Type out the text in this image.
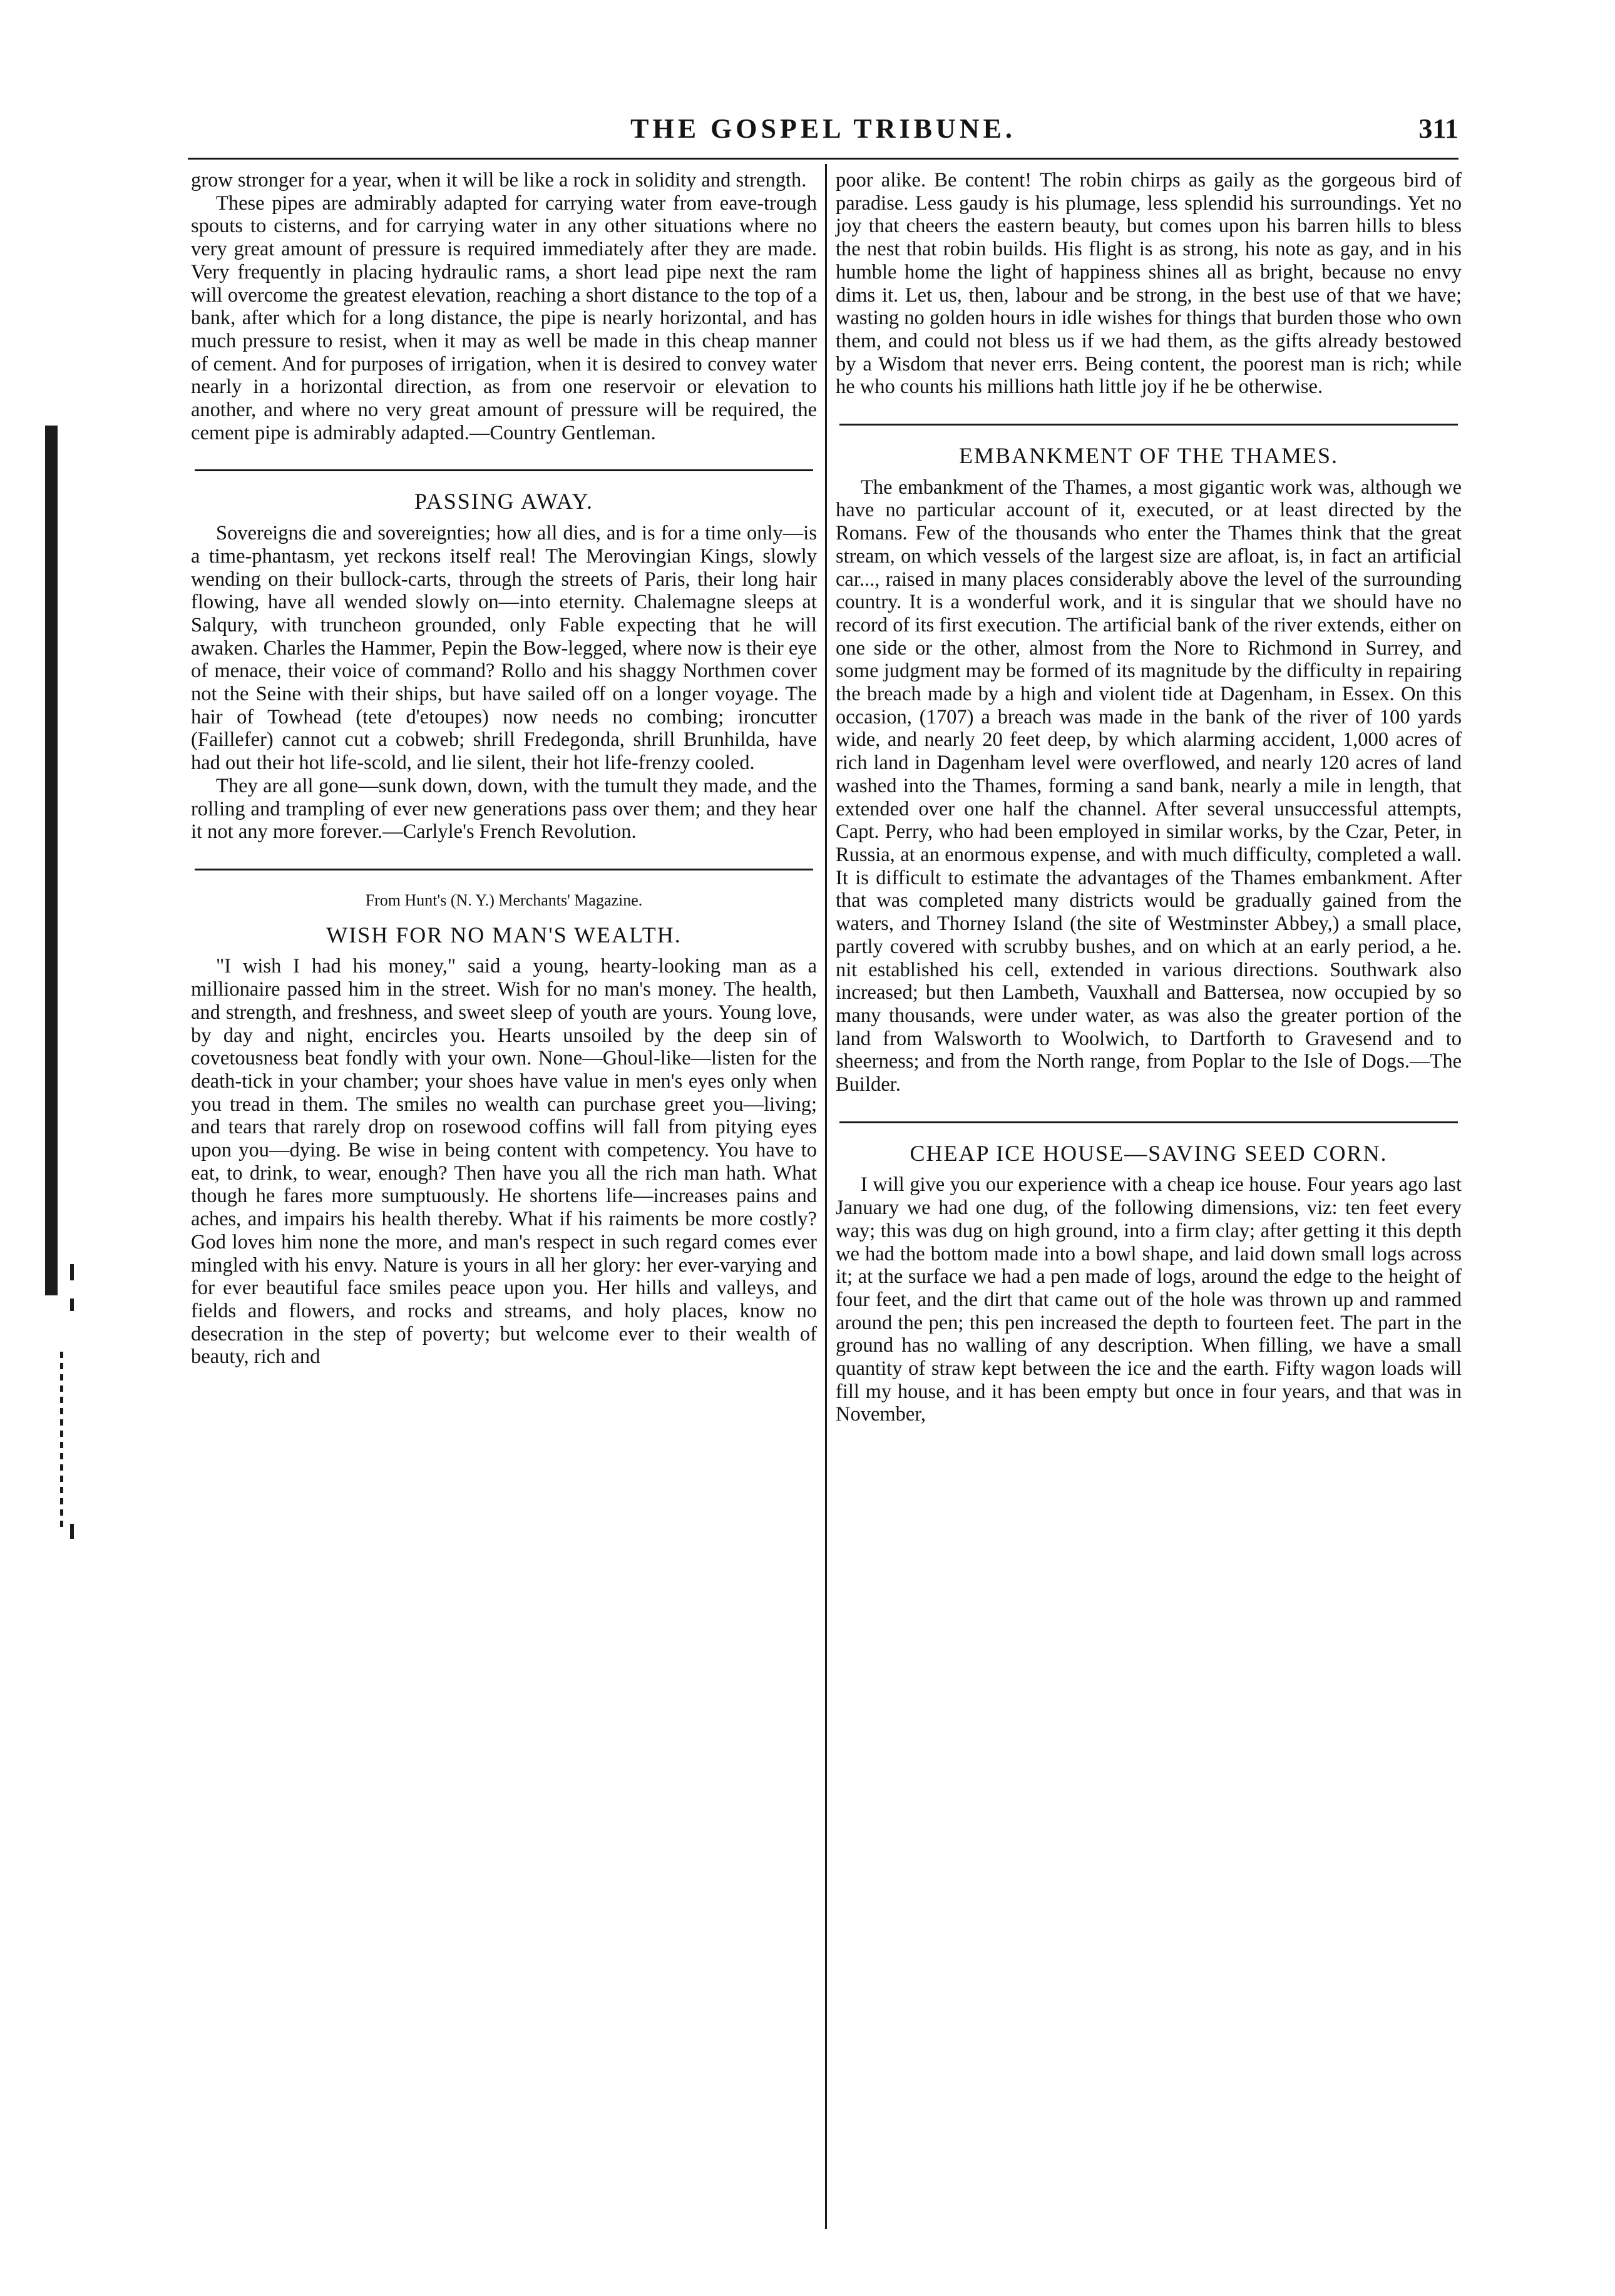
THE GOSPEL TRIBUNE.	311

grow stronger for a year, when it will be like a rock in solidity and strength.

These pipes are admirably adapted for carrying water from eave-trough spouts to cisterns, and for carrying water in any other situations where no very great amount of pressure is required immediately after they are made. Very frequently in placing hydraulic rams, a short lead pipe next the ram will overcome the greatest elevation, reaching a short distance to the top of a bank, after which for a long distance, the pipe is nearly horizontal, and has much pressure to resist, when it may as well be made in this cheap manner of cement. And for purposes of irrigation, when it is desired to convey water nearly in a horizontal direction, as from one reservoir or elevation to another, and where no very great amount of pressure will be required, the cement pipe is admirably adapted.—Country Gentleman.

PASSING AWAY.

Sovereigns die and sovereignties; how all dies, and is for a time only—is a time-phantasm, yet reckons itself real! The Merovingian Kings, slowly wending on their bullock-carts, through the streets of Paris, their long hair flowing, have all wended slowly on—into eternity. Chalemagne sleeps at Salqury, with truncheon grounded, only Fable expecting that he will awaken. Charles the Hammer, Pepin the Bow-legged, where now is their eye of menace, their voice of command? Rollo and his shaggy Northmen cover not the Seine with their ships, but have sailed off on a longer voyage. The hair of Towhead (tete d'etoupes) now needs no combing; ironcutter (Faillefer) cannot cut a cobweb; shrill Fredegonda, shrill Brunhilda, have had out their hot life-scold, and lie silent, their hot life-frenzy cooled.

They are all gone—sunk down, down, with the tumult they made, and the rolling and trampling of ever new generations pass over them; and they hear it not any more forever.—Carlyle's French Revolution.

From Hunt's (N. Y.) Merchants' Magazine.
WISH FOR NO MAN'S WEALTH.

"I wish I had his money," said a young, hearty-looking man as a millionaire passed him in the street. Wish for no man's money. The health, and strength, and freshness, and sweet sleep of youth are yours. Young love, by day and night, encircles you. Hearts unsoiled by the deep sin of covetousness beat fondly with your own. None—Ghoul-like—listen for the death-tick in your chamber; your shoes have value in men's eyes only when you tread in them. The smiles no wealth can purchase greet you—living; and tears that rarely drop on rosewood coffins will fall from pitying eyes upon you—dying. Be wise in being content with competency. You have to eat, to drink, to wear, enough? Then have you all the rich man hath. What though he fares more sumptuously. He shortens life—increases pains and aches, and impairs his health thereby. What if his raiments be more costly? God loves him none the more, and man's respect in such regard comes ever mingled with his envy. Nature is yours in all her glory: her ever-varying and for ever beautiful face smiles peace upon you. Her hills and valleys, and fields and flowers, and rocks and streams, and holy places, know no desecration in the step of poverty; but welcome ever to their wealth of beauty, rich and

poor alike. Be content! The robin chirps as gaily as the gorgeous bird of paradise. Less gaudy is his plumage, less splendid his surroundings. Yet no joy that cheers the eastern beauty, but comes upon his barren hills to bless the nest that robin builds. His flight is as strong, his note as gay, and in his humble home the light of happiness shines all as bright, because no envy dims it. Let us, then, labour and be strong, in the best use of that we have; wasting no golden hours in idle wishes for things that burden those who own them, and could not bless us if we had them, as the gifts already bestowed by a Wisdom that never errs. Being content, the poorest man is rich; while he who counts his millions hath little joy if he be otherwise.

EMBANKMENT OF THE THAMES.

The embankment of the Thames, a most gigantic work was, although we have no particular account of it, executed, or at least directed by the Romans. Few of the thousands who enter the Thames think that the great stream, on which vessels of the largest size are afloat, is, in fact an artificial car..., raised in many places considerably above the level of the surrounding country. It is a wonderful work, and it is singular that we should have no record of its first execution. The artificial bank of the river extends, either on one side or the other, almost from the Nore to Richmond in Surrey, and some judgment may be formed of its magnitude by the difficulty in repairing the breach made by a high and violent tide at Dagenham, in Essex. On this occasion, (1707) a breach was made in the bank of the river of 100 yards wide, and nearly 20 feet deep, by which alarming accident, 1,000 acres of rich land in Dagenham level were overflowed, and nearly 120 acres of land washed into the Thames, forming a sand bank, nearly a mile in length, that extended over one half the channel. After several unsuccessful attempts, Capt. Perry, who had been employed in similar works, by the Czar, Peter, in Russia, at an enormous expense, and with much difficulty, completed a wall. It is difficult to estimate the advantages of the Thames embankment. After that was completed many districts would be gradually gained from the waters, and Thorney Island (the site of Westminster Abbey,) a small place, partly covered with scrubby bushes, and on which at an early period, a he. nit established his cell, extended in various directions. Southwark also increased; but then Lambeth, Vauxhall and Battersea, now occupied by so many thousands, were under water, as was also the greater portion of the land from Walsworth to Woolwich, to Dartforth to Gravesend and to sheerness; and from the North range, from Poplar to the Isle of Dogs.—The Builder.

CHEAP ICE HOUSE—SAVING SEED CORN.

I will give you our experience with a cheap ice house. Four years ago last January we had one dug, of the following dimensions, viz: ten feet every way; this was dug on high ground, into a firm clay; after getting it this depth we had the bottom made into a bowl shape, and laid down small logs across it; at the surface we had a pen made of logs, around the edge to the height of four feet, and the dirt that came out of the hole was thrown up and rammed around the pen; this pen increased the depth to fourteen feet. The part in the ground has no walling of any description. When filling, we have a small quantity of straw kept between the ice and the earth. Fifty wagon loads will fill my house, and it has been empty but once in four years, and that was in November,
